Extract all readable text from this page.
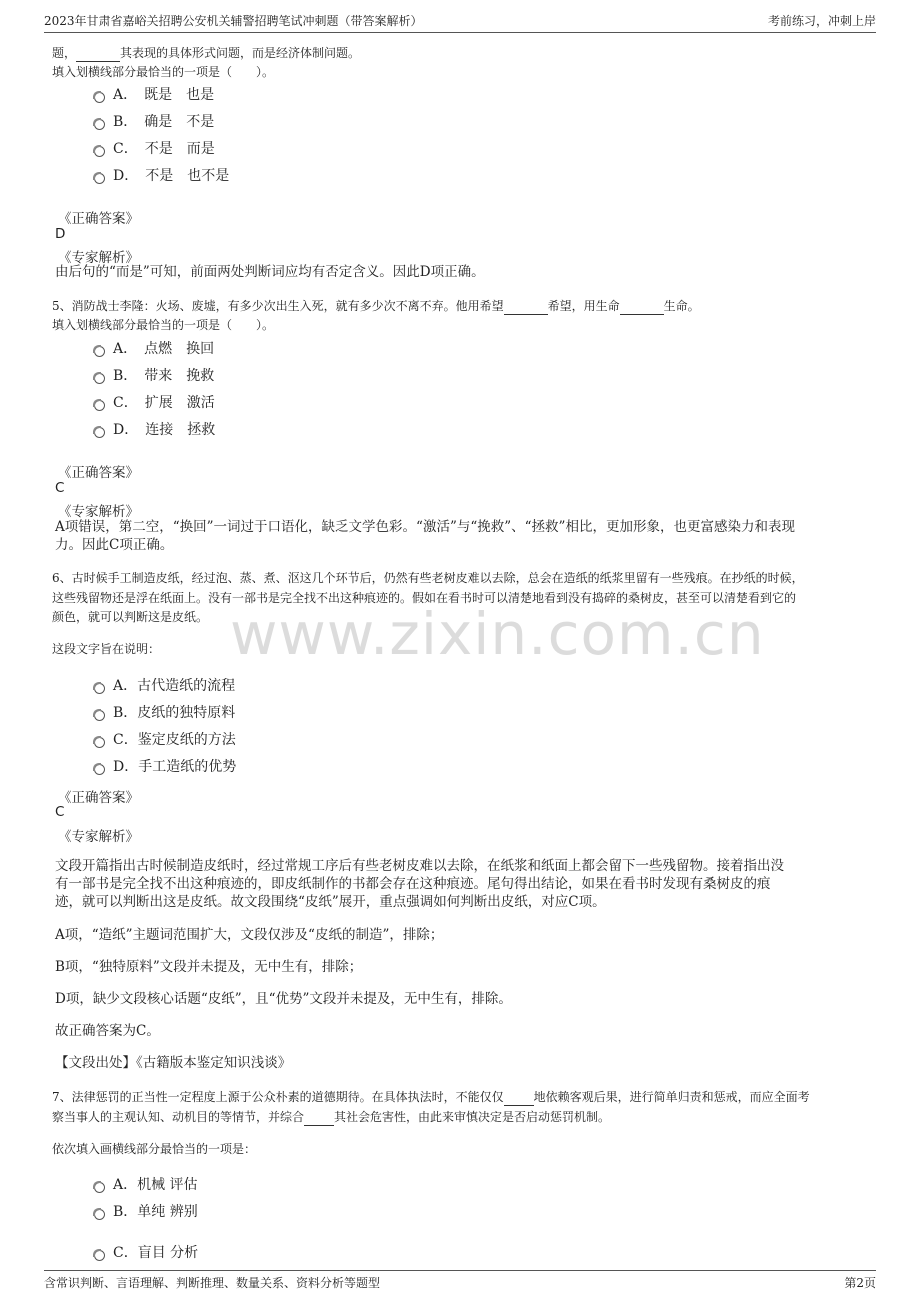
2023年甘肃省嘉峪关招聘公安机关辅警招聘笔试冲刺题（带答案解析）	考前练习，冲刺上岸
www.zixin.com.cn
题，	其表现的具体形式问题，而是经济体制问题。
填入划横线部分最恰当的一项是（　　）。
A．　既是　也是
B．　确是　不是
C．　不是　而是
D．　不是　也不是
《正确答案》
D
《专家解析》
由后句的“而是”可知，前面两处判断词应均有否定含义。因此D项正确。
5、消防战士李隆：火场、废墟，有多少次出生入死，就有多少次不离不弃。他用希望	希望，用生命	生命。
填入划横线部分最恰当的一项是（　　）。
A．　点燃　换回
B．　带来　挽救
C．　扩展　激活
D．　连接　拯救
《正确答案》
C
《专家解析》
A项错误，第二空，“换回”一词过于口语化，缺乏文学色彩。“激活”与“挽救”、“拯救”相比，更加形象，也更富感染力和表现
力。因此C项正确。
6、古时候手工制造皮纸，经过泡、蒸、煮、沤这几个环节后，仍然有些老树皮难以去除，总会在造纸的纸浆里留有一些残痕。在抄纸的时候，
这些残留物还是浮在纸面上。没有一部书是完全找不出这种痕迹的。假如在看书时可以清楚地看到没有捣碎的桑树皮，甚至可以清楚看到它的
颜色，就可以判断这是皮纸。
这段文字旨在说明：
A．古代造纸的流程
B．皮纸的独特原料
C．鉴定皮纸的方法
D．手工造纸的优势
《正确答案》
C
《专家解析》
文段开篇指出古时候制造皮纸时，经过常规工序后有些老树皮难以去除，在纸浆和纸面上都会留下一些残留物。接着指出没
有一部书是完全找不出这种痕迹的，即皮纸制作的书都会存在这种痕迹。尾句得出结论，如果在看书时发现有桑树皮的痕
迹，就可以判断出这是皮纸。故文段围绕“皮纸”展开，重点强调如何判断出皮纸，对应C项。
A项，“造纸”主题词范围扩大，文段仅涉及“皮纸的制造”，排除；
B项，“独特原料”文段并未提及，无中生有，排除；
D项，缺少文段核心话题“皮纸”，且“优势”文段并未提及，无中生有，排除。
故正确答案为C。
【文段出处】《古籍版本鉴定知识浅谈》
7、法律惩罚的正当性一定程度上源于公众朴素的道德期待。在具体执法时，不能仅仅	地依赖客观后果，进行简单归责和惩戒，而应全面考
察当事人的主观认知、动机目的等情节，并综合	其社会危害性，由此来审慎决定是否启动惩罚机制。
依次填入画横线部分最恰当的一项是：
A．机械 评估
B．单纯 辨别
C．盲目 分析
含常识判断、言语理解、判断推理、数量关系、资料分析等题型	第2页
